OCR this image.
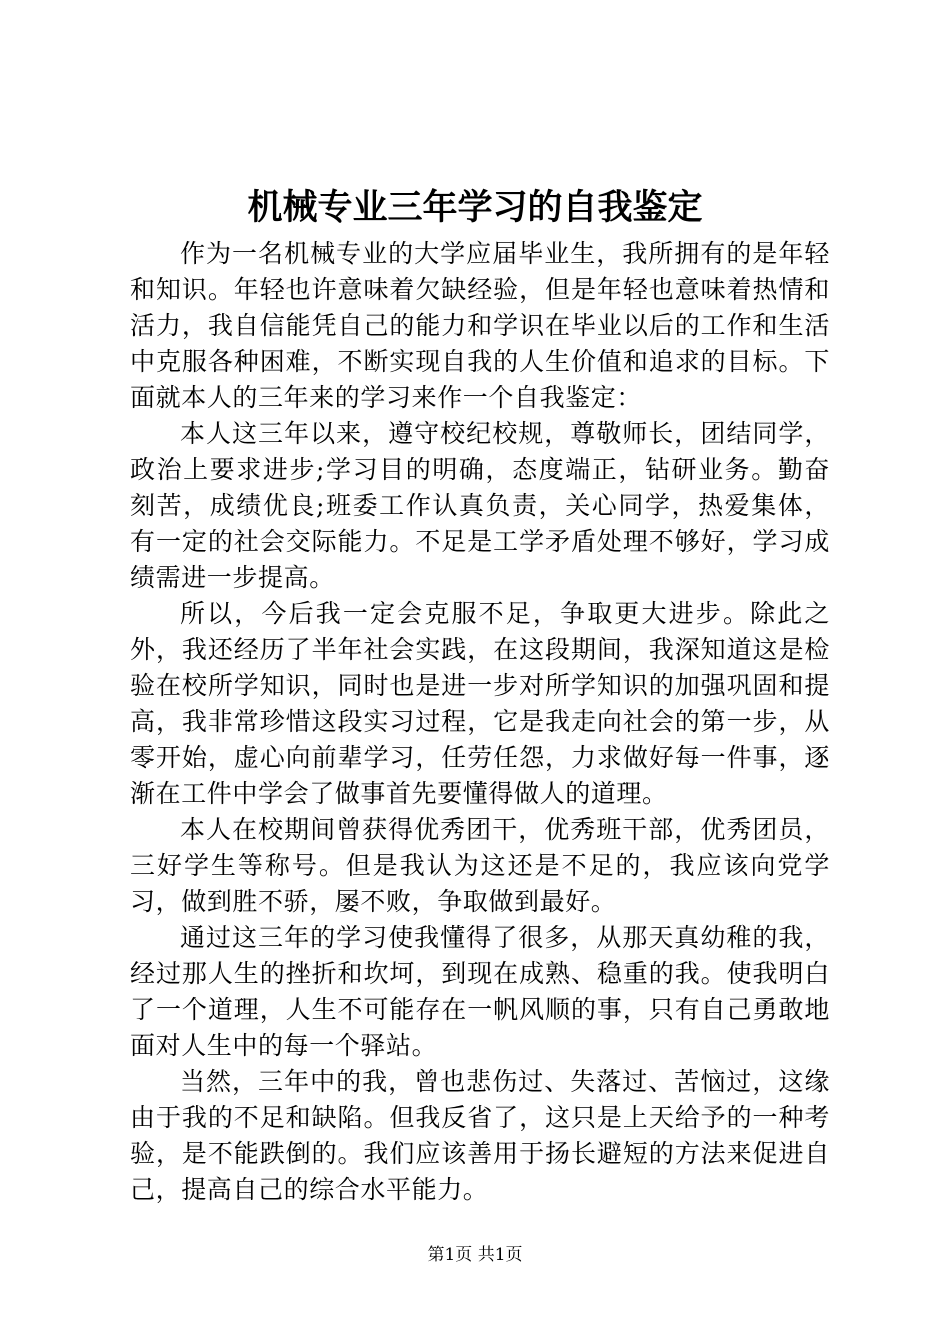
机械专业三年学习的自我鉴定

作为一名机械专业的大学应届毕业生，我所拥有的是年轻和知识。年轻也许意味着欠缺经验，但是年轻也意味着热情和活力，我自信能凭自己的能力和学识在毕业以后的工作和生活中克服各种困难，不断实现自我的人生价值和追求的目标。下面就本人的三年来的学习来作一个自我鉴定：

本人这三年以来，遵守校纪校规，尊敬师长，团结同学，政治上要求进步;学习目的明确，态度端正，钻研业务。勤奋刻苦，成绩优良;班委工作认真负责，关心同学，热爱集体，有一定的社会交际能力。不足是工学矛盾处理不够好，学习成绩需进一步提高。

所以，今后我一定会克服不足，争取更大进步。除此之外，我还经历了半年社会实践，在这段期间，我深知道这是检验在校所学知识，同时也是进一步对所学知识的加强巩固和提高，我非常珍惜这段实习过程，它是我走向社会的第一步，从零开始，虚心向前辈学习，任劳任怨，力求做好每一件事，逐渐在工件中学会了做事首先要懂得做人的道理。

本人在校期间曾获得优秀团干，优秀班干部，优秀团员，三好学生等称号。但是我认为这还是不足的，我应该向党学习，做到胜不骄，屡不败，争取做到最好。

通过这三年的学习使我懂得了很多，从那天真幼稚的我，经过那人生的挫折和坎坷，到现在成熟、稳重的我。使我明白了一个道理，人生不可能存在一帆风顺的事，只有自己勇敢地面对人生中的每一个驿站。

当然，三年中的我，曾也悲伤过、失落过、苦恼过，这缘由于我的不足和缺陷。但我反省了，这只是上天给予的一种考验，是不能跌倒的。我们应该善用于扬长避短的方法来促进自己，提高自己的综合水平能力。

第1页 共1页
